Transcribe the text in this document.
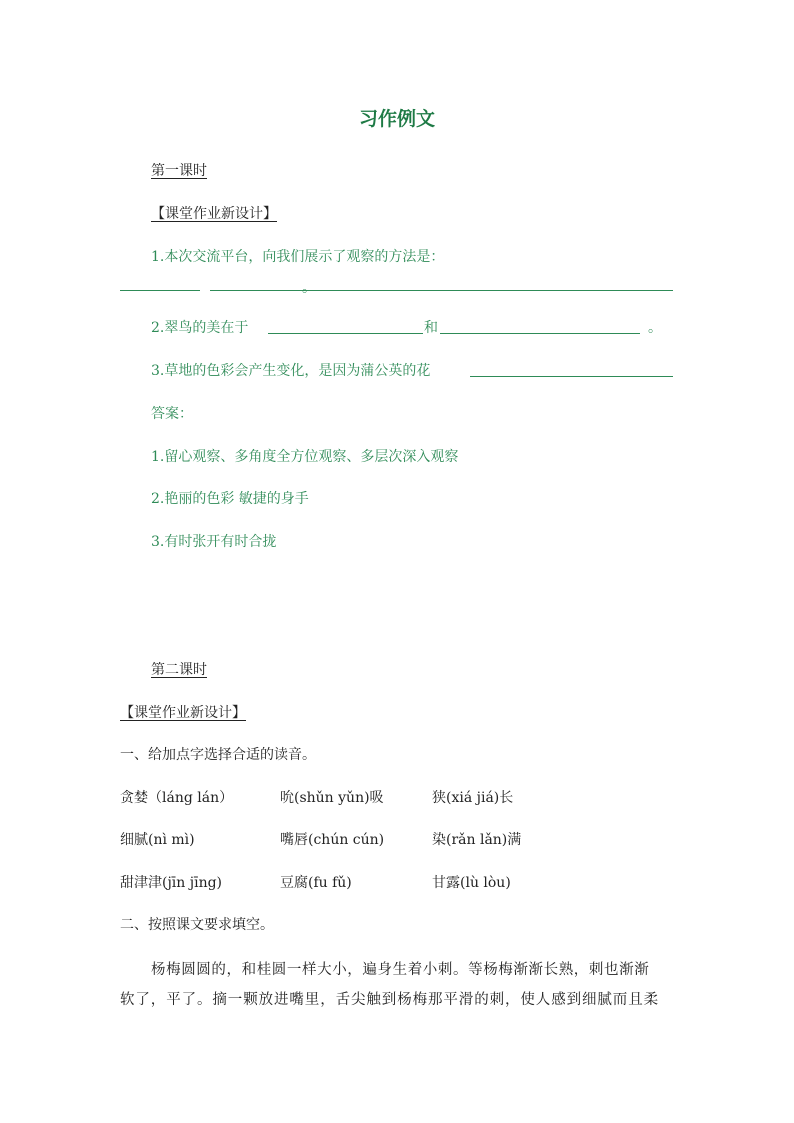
习作例文
第一课时
【课堂作业新设计】
1.本次交流平台，向我们展示了观察的方法是：
。
2.翠鸟的美在于	和	。
3.草地的色彩会产生变化，是因为蒲公英的花
答案：
1.留心观察、多角度全方位观察、多层次深入观察
2.艳丽的色彩 敏捷的身手
3.有时张开有时合拢
第二课时
【课堂作业新设计】
一、给加点字选择合适的读音。
贪婪（láng lán）	吮(shǔn yǔn)吸	狭(xiá jiá)长
细腻(nì mì)	嘴唇(chún cún)	染(rǎn lǎn)满
甜津津(jīn jīng)	豆腐(fu fǔ)	甘露(lù lòu)
二、按照课文要求填空。
杨梅圆圆的，和桂圆一样大小，遍身生着小刺。等杨梅渐渐长熟，刺也渐渐
软了，平了。摘一颗放进嘴里，舌尖触到杨梅那平滑的刺，使人感到细腻而且柔
